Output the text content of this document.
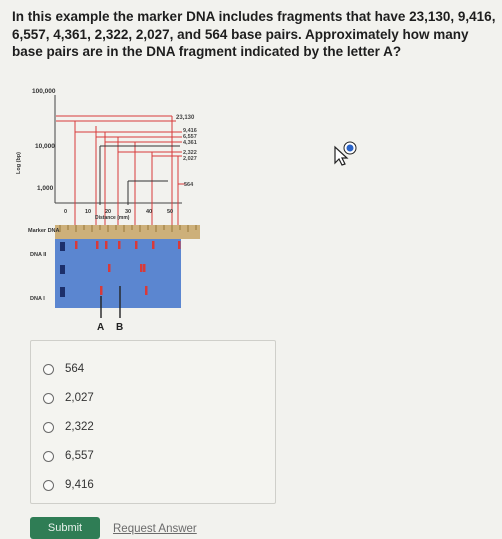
In this example the marker DNA includes fragments that have 23,130, 9,416, 6,557, 4,361, 2,322, 2,027, and 564 base pairs. Approximately how many base pairs are in the DNA fragment indicated by the letter A?

100,000
10,000
1,000
Log (bp)
23,130
9,416
6,557
4,361
2,322
2,027
564
0	10	20	30	40	50
Distance (mm)
Marker DNA
DNA II
DNA I
A B
564
2,027
2,322
6,557
9,416
Submit	Request Answer
